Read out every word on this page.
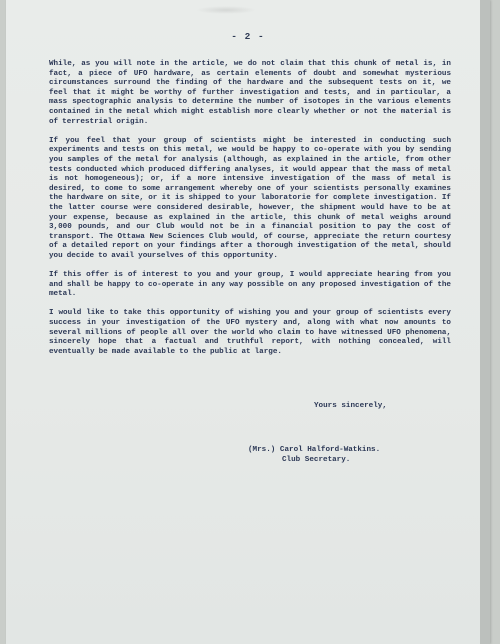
- 2 -

While, as you will note in the article, we do not claim that this chunk of metal is, in fact, a piece of UFO hardware, as certain elements of doubt and somewhat mysterious circumstances surround the finding of the hardware and the subsequent tests on it, we feel that it might be worthy of further investigation and tests, and in particular, a mass spectographic analysis to determine the number of isotopes in the various elements contained in the metal which might establish more clearly whether or not the material is of terrestrial origin.

If you feel that your group of scientists might be interested in conducting such experiments and tests on this metal, we would be happy to co-operate with you by sending you samples of the metal for analysis (although, as explained in the article, from other tests conducted which produced differing analyses, it would appear that the mass of metal is not homogeneous); or, if a more intensive investigation of the mass of metal is desired, to come to some arrangement whereby one of your scientists personally examines the hardware on site, or it is shipped to your laboratorie for complete investigation. If the latter course were considered desirable, however, the shipment would have to be at your expense, because as explained in the article, this chunk of metal weighs around 3,000 pounds, and our Club would not be in a financial position to pay the cost of transport. The Ottawa New Sciences Club would, of course, appreciate the return courtesy of a detailed report on your findings after a thorough investigation of the metal, should you decide to avail yourselves of this opportunity.

If this offer is of interest to you and your group, I would appreciate hearing from you and shall be happy to co-operate in any way possible on any proposed investigation of the metal.

I would like to take this opportunity of wishing you and your group of scientists every success in your investigation of the UFO mystery and, along with what now amounts to several millions of people all over the world who claim to have witnessed UFO phenomena, sincerely hope that a factual and truthful report, with nothing concealed, will eventually be made available to the public at large.

Yours sincerely,
(Mrs.) Carol Halford-Watkins.
Club Secretary.
